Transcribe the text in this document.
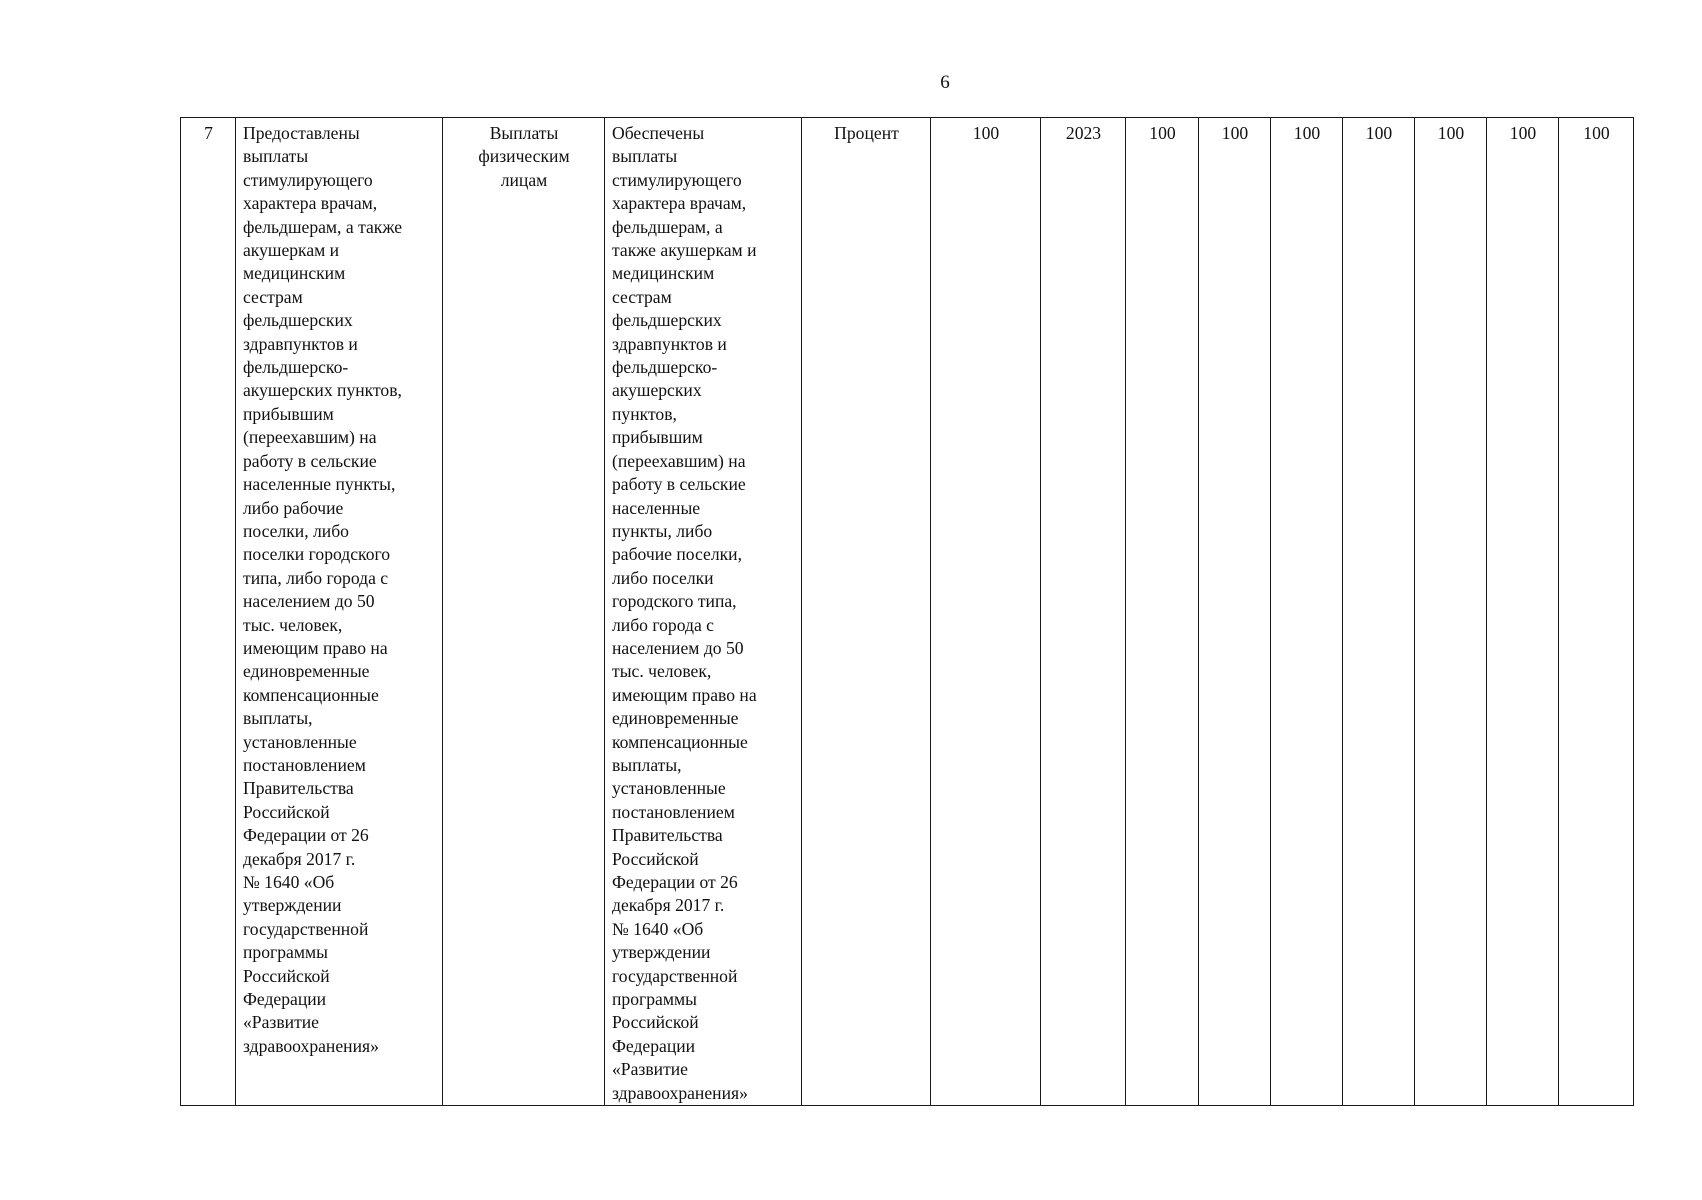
6
7	Предоставлены
выплаты
стимулирующего
характера врачам,
фельдшерам, а также
акушеркам и
медицинским
сестрам
фельдшерских
здравпунктов и
фельдшерско-
акушерских пунктов,
прибывшим
(переехавшим) на
работу в сельские
населенные пункты,
либо рабочие
поселки, либо
поселки городского
типа, либо города с
населением до 50
тыс. человек,
имеющим право на
единовременные
компенсационные
выплаты,
установленные
постановлением
Правительства
Российской
Федерации от 26
декабря 2017 г.
№ 1640 «Об
утверждении
государственной
программы
Российской
Федерации
«Развитие
здравоохранения»	Выплаты
физическим
лицам	Обеспечены
выплаты
стимулирующего
характера врачам,
фельдшерам, а
также акушеркам и
медицинским
сестрам
фельдшерских
здравпунктов и
фельдшерско-
акушерских
пунктов,
прибывшим
(переехавшим) на
работу в сельские
населенные
пункты, либо
рабочие поселки,
либо поселки
городского типа,
либо города с
населением до 50
тыс. человек,
имеющим право на
единовременные
компенсационные
выплаты,
установленные
постановлением
Правительства
Российской
Федерации от 26
декабря 2017 г.
№ 1640 «Об
утверждении
государственной
программы
Российской
Федерации
«Развитие
здравоохранения»	Процент	100	2023	100	100	100	100	100	100	100
